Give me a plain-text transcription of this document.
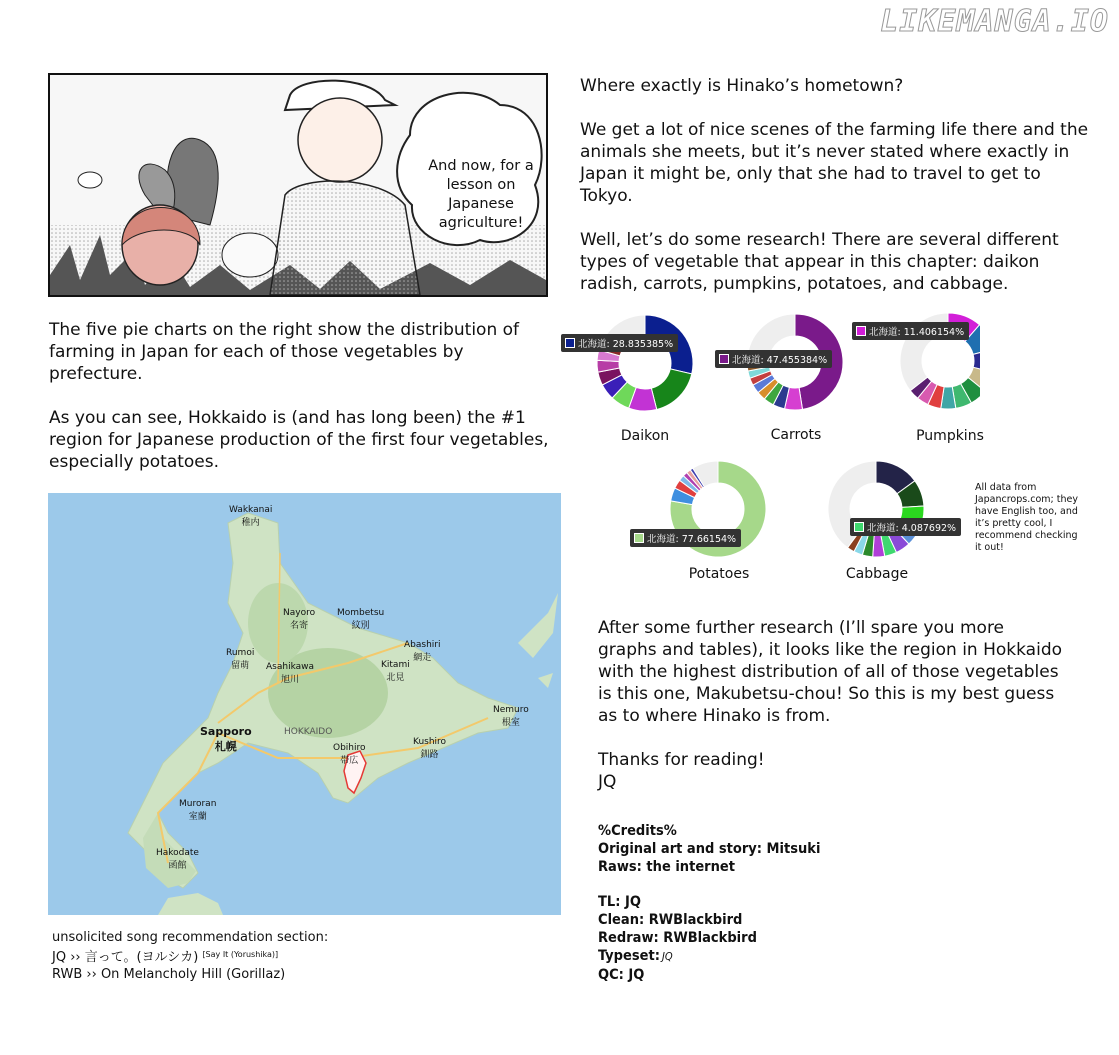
LIKEMANGA.IO
And now, for a lesson on Japanese agriculture!
Where exactly is Hinako’s hometown?
We get a lot of nice scenes of the farming life there and the animals she meets, but it’s never stated where exactly in Japan it might be, only that she had to travel to get to Tokyo.
Well, let’s do some research! There are several different types of vegetable that appear in this chapter: daikon radish, carrots, pumpkins, potatoes, and cabbage.
The five pie charts on the right show the distribution of farming in Japan for each of those vegetables by prefecture.
As you can see, Hokkaido is (and has long been) the #1 region for Japanese production of the first four vegetables, especially potatoes.
Daikon	Carrots	Pumpkins
Potatoes	Cabbage
北海道: 28.835385%
北海道: 47.455384%
北海道: 11.406154%
北海道: 77.66154%
北海道: 4.087692%
All data from Japancrops.com; they have English too, and it’s pretty cool, I recommend checking it out!
Wakkanai
稚内
Nayoro
名寄
Mombetsu
紋別
Abashiri
網走
Rumoi
留萌	Asahikawa
旭川
Kitami
北見
Sapporo
札幌
HOKKAIDO
Obihiro
帯広
Kushiro
釧路
Nemuro
根室
Muroran
室蘭
Hakodate
函館
After some further research (I’ll spare you more graphs and tables), it looks like the region in Hokkaido with the highest distribution of all of those vegetables is this one, Makubetsu-chou! So this is my best guess as to where Hinako is from.
Thanks for reading!
JQ
unsolicited song recommendation section:
JQ ›› 言って。(ヨルシカ) [Say It (Yorushika)]
RWB ›› On Melancholy Hill (Gorillaz)
%Credits%
Original art and story: Mitsuki
Raws: the internet
TL: JQ
Clean: RWBlackbird
Redraw: RWBlackbird
Typeset: JQ
QC: JQ
